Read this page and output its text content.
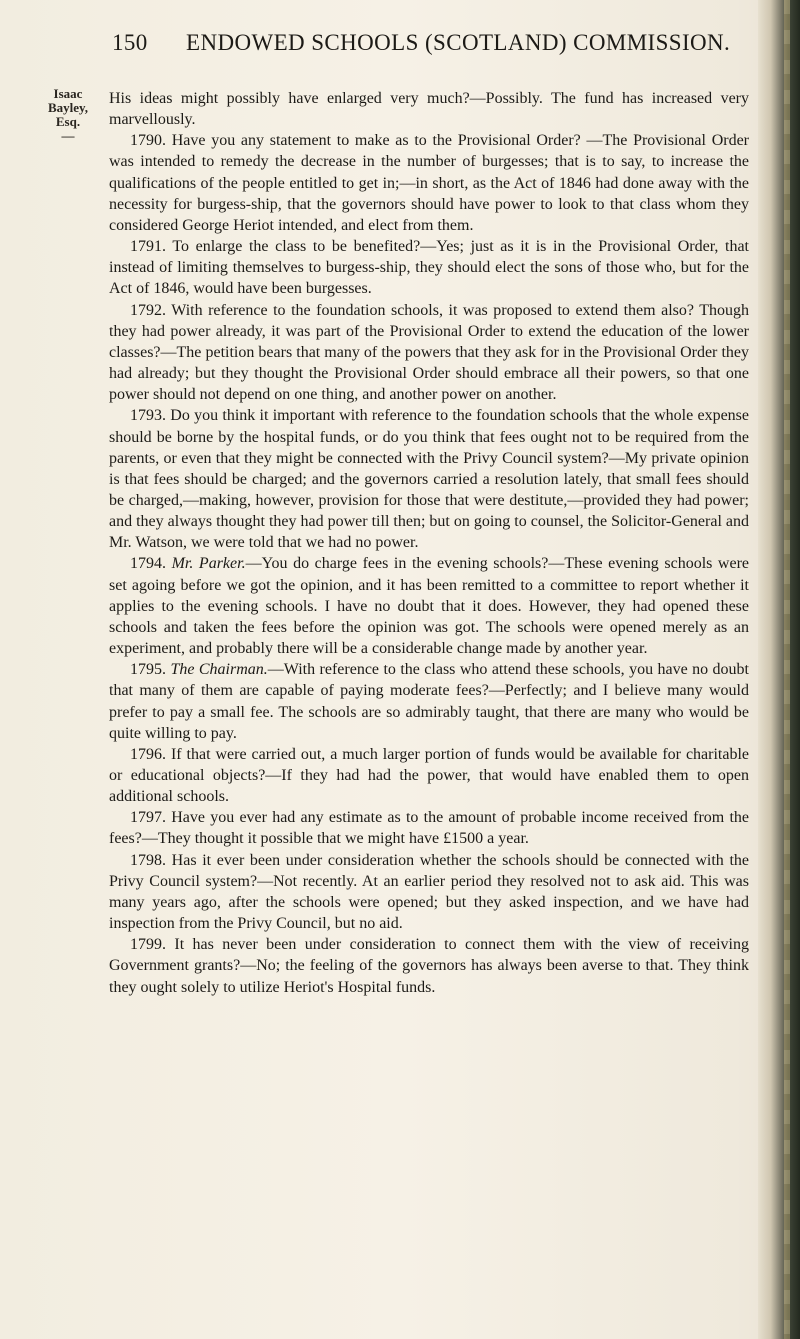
150 ENDOWED SCHOOLS (SCOTLAND) COMMISSION.
Isaac
Bayley,
Esq.
—

His ideas might possibly have enlarged very much?—Possibly. The fund has increased very marvellously.

1790. Have you any statement to make as to the Provisional Order? —The Provisional Order was intended to remedy the decrease in the number of burgesses; that is to say, to increase the qualifications of the people entitled to get in;—in short, as the Act of 1846 had done away with the necessity for burgess-ship, that the governors should have power to look to that class whom they considered George Heriot intended, and elect from them.

1791. To enlarge the class to be benefited?—Yes; just as it is in the Provisional Order, that instead of limiting themselves to burgess-ship, they should elect the sons of those who, but for the Act of 1846, would have been burgesses.

1792. With reference to the foundation schools, it was proposed to extend them also? Though they had power already, it was part of the Provisional Order to extend the education of the lower classes?—The petition bears that many of the powers that they ask for in the Provisional Order they had already; but they thought the Provisional Order should embrace all their powers, so that one power should not depend on one thing, and another power on another.

1793. Do you think it important with reference to the foundation schools that the whole expense should be borne by the hospital funds, or do you think that fees ought not to be required from the parents, or even that they might be connected with the Privy Council system?—My private opinion is that fees should be charged; and the governors carried a resolution lately, that small fees should be charged,—making, however, provision for those that were destitute,—provided they had power; and they always thought they had power till then; but on going to counsel, the Solicitor-General and Mr. Watson, we were told that we had no power.

1794. Mr. Parker.—You do charge fees in the evening schools?—These evening schools were set agoing before we got the opinion, and it has been remitted to a committee to report whether it applies to the evening schools. I have no doubt that it does. However, they had opened these schools and taken the fees before the opinion was got. The schools were opened merely as an experiment, and probably there will be a considerable change made by another year.

1795. The Chairman.—With reference to the class who attend these schools, you have no doubt that many of them are capable of paying moderate fees?—Perfectly; and I believe many would prefer to pay a small fee. The schools are so admirably taught, that there are many who would be quite willing to pay.

1796. If that were carried out, a much larger portion of funds would be available for charitable or educational objects?—If they had had the power, that would have enabled them to open additional schools.

1797. Have you ever had any estimate as to the amount of probable income received from the fees?—They thought it possible that we might have £1500 a year.

1798. Has it ever been under consideration whether the schools should be connected with the Privy Council system?—Not recently. At an earlier period they resolved not to ask aid. This was many years ago, after the schools were opened; but they asked inspection, and we have had inspection from the Privy Council, but no aid.

1799. It has never been under consideration to connect them with the view of receiving Government grants?—No; the feeling of the governors has always been averse to that. They think they ought solely to utilize Heriot's Hospital funds.
